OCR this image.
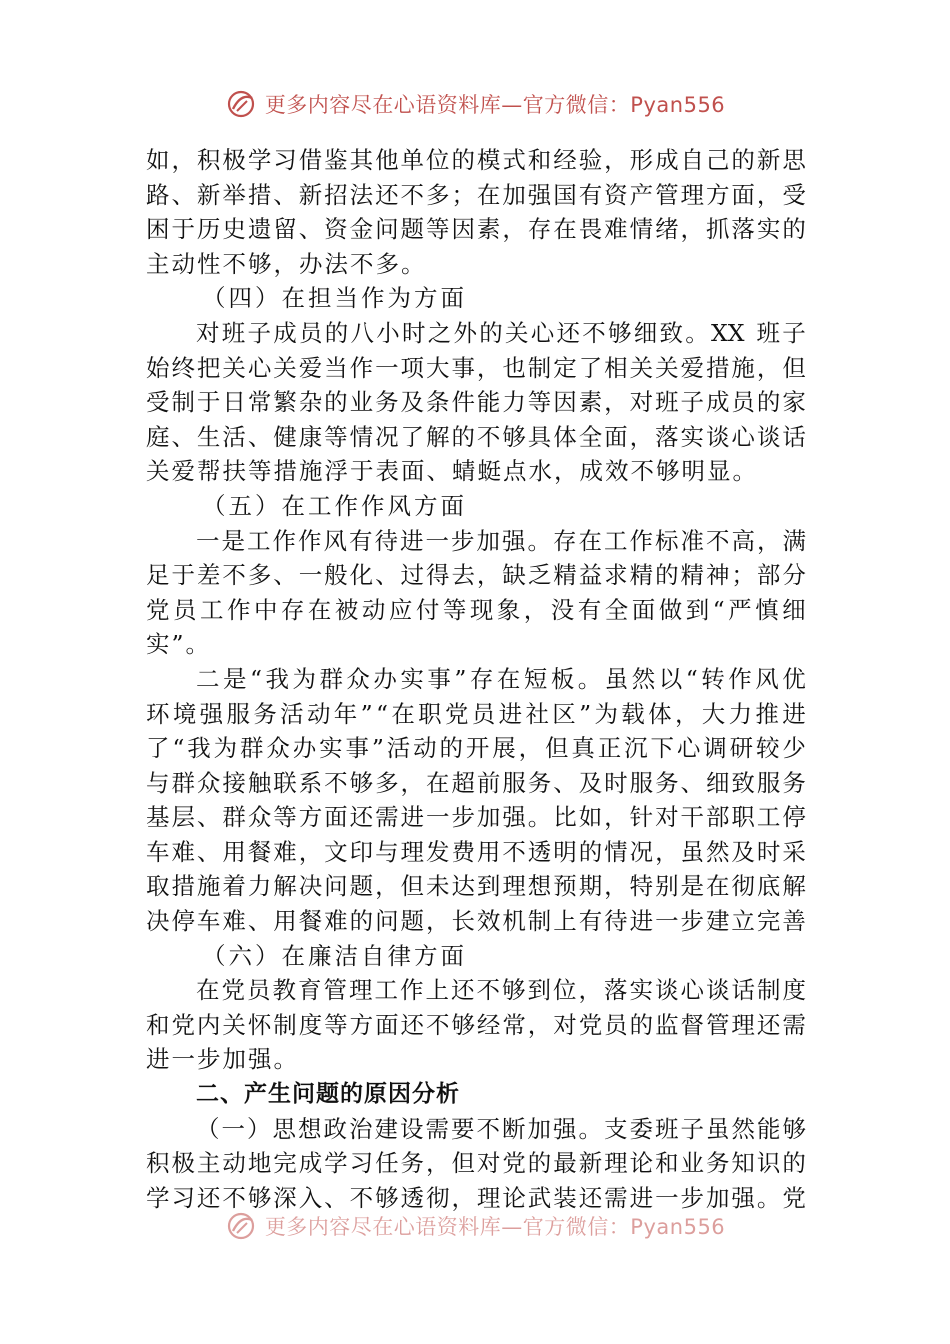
更多内容尽在心语资料库—官方微信：Pyan556
如 ， 积 极 学 习 借 鉴 其 他 单 位 的 模 式 和 经 验 ， 形 成 自 己 的 新 思
路 、 新 举 措 、 新 招 法 还 不 多 ； 在 加 强 国 有 资 产 管 理 方 面 ， 受
困 于 历 史 遗 留 、 资 金 问 题 等 因 素 ， 存 在 畏 难 情 绪 ， 抓 落 实 的
主动性不够，办法不多。
（四）在担当作为方面
对 班 子 成 员 的 八 小 时 之 外 的 关 心 还 不 够 细 致 。 XX
班 子
始 终 把 关 心 关 爱 当 作 一 项 大 事 ， 也 制 定 了 相 关 关 爱 措 施 ， 但
受 制 于 日 常 繁 杂 的 业 务 及 条 件 能 力 等 因 素 ， 对 班 子 成 员 的 家
庭 、 生 活 、 健 康 等 情 况 了 解 的 不 够 具 体 全 面 ， 落 实 谈 心 谈 话
关爱帮扶等措施浮于表面、蜻蜓点水，成效不够明显。
（五）在工作作风方面
一 是 工 作 作 风 有 待 进 一 步 加 强 。 存 在 工 作 标 准 不 高 ， 满
足 于 差 不 多 、 一 般 化 、 过 得 去 ， 缺 乏 精 益 求 精 的 精 神 ； 部 分
党 员 工 作 中 存 在 被 动 应 付 等 现 象 ， 没 有 全 面 做 到 “ 严 慎 细
实”。
二 是 “ 我 为 群 众 办 实 事 ” 存 在 短 板 。 虽 然 以 “ 转 作 风 优
环 境 强 服 务 活 动 年 ” “ 在 职 党 员 进 社 区 ” 为 载 体 ， 大 力 推 进
了 “ 我 为 群 众 办 实 事 ” 活 动 的 开 展 ， 但 真 正 沉 下 心 调 研 较 少
与 群 众 接 触 联 系 不 够 多 ， 在 超 前 服 务 、 及 时 服 务 、 细 致 服 务
基 层 、 群 众 等 方 面 还 需 进 一 步 加 强 。 比 如 ， 针 对 干 部 职 工 停
车 难 、 用 餐 难 ， 文 印 与 理 发 费 用 不 透 明 的 情 况 ， 虽 然 及 时 采
取 措 施 着 力 解 决 问 题 ， 但 未 达 到 理 想 预 期 ， 特 别 是 在 彻 底 解
决 停 车 难 、 用 餐 难 的 问 题 ， 长 效 机 制 上 有 待 进 一 步 建 立 完 善
（六）在廉洁自律方面
在 党 员 教 育 管 理 工 作 上 还 不 够 到 位 ， 落 实 谈 心 谈 话 制 度
和 党 内 关 怀 制 度 等 方 面 还 不 够 经 常 ， 对 党 员 的 监 督 管 理 还 需
进一步加强。
二、产生问题的原因分析
（ 一 ） 思 想 政 治 建 设 需 要 不 断 加 强 。 支 委 班 子 虽 然 能 够
积 极 主 动 地 完 成 学 习 任 务 ， 但 对 党 的 最 新 理 论 和 业 务 知 识 的
学 习 还 不 够 深 入 、 不 够 透 彻 ， 理 论 武 装 还 需 进 一 步 加 强 。 党
更多内容尽在心语资料库—官方微信：Pyan556
